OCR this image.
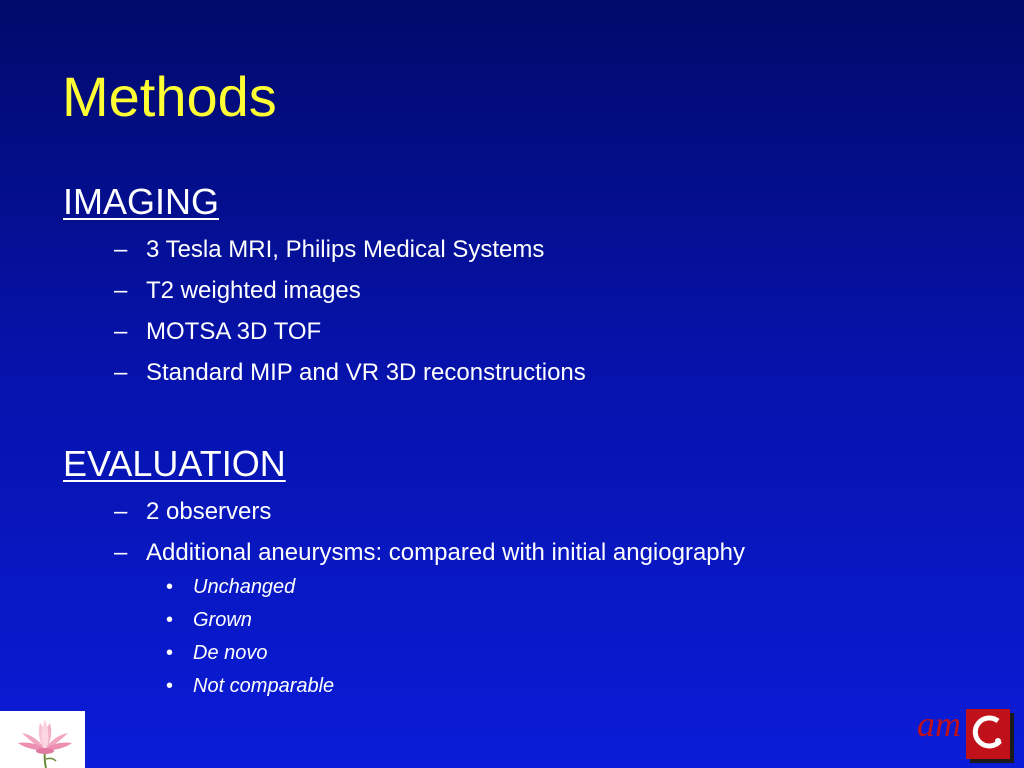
Methods
IMAGING
– 3 Tesla MRI, Philips Medical Systems
– T2 weighted images
– MOTSA 3D TOF
– Standard MIP and VR 3D reconstructions
EVALUATION
– 2 observers
– Additional aneurysms: compared with initial angiography
• Unchanged
• Grown
• De novo
• Not comparable
am
